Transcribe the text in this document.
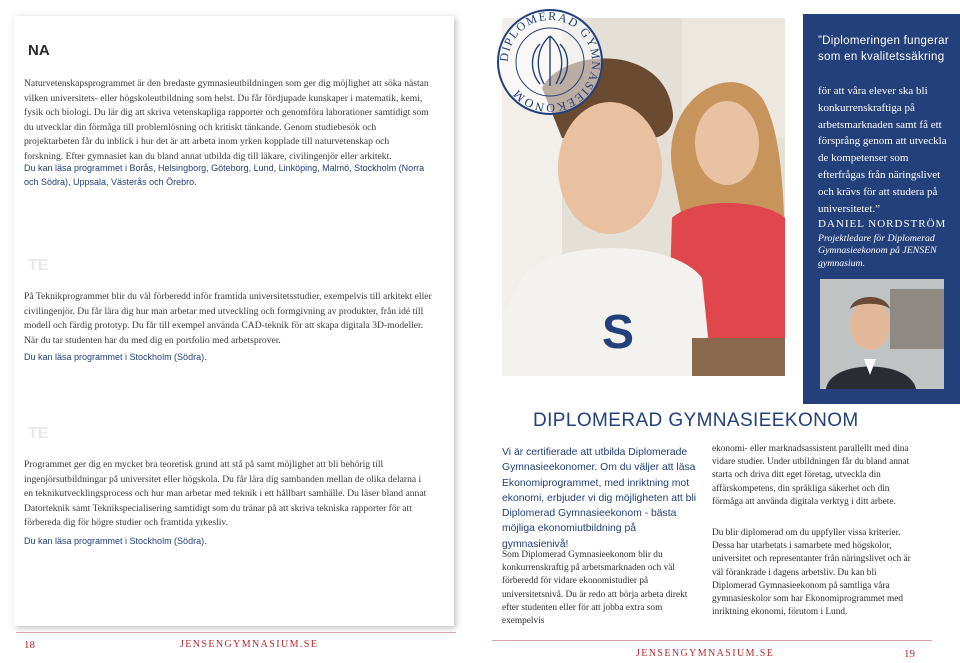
NA
Naturvetenskapsprogrammet är den bredaste gymnasieutbildningen som ger dig möjlighet att söka nästan vilken universitets- eller högskoleutbildning som helst. Du får fördjupade kunskaper i matematik, kemi, fysik och biologi. Du lär dig att skriva vetenskapliga rapporter och genomföra laborationer samtidigt som du utvecklar din förmåga till problemlösning och kritiskt tänkande. Genom studiebesök och projektarbeten får du inblick i hur det är att arbeta inom yrken kopplade till naturvetenskap och forskning. Efter gymnasiet kan du bland annat utbilda dig till läkare, civilingenjör eller arkitekt.
Du kan läsa programmet i Borås, Helsingborg, Göteborg, Lund, Linköping, Malmö, Stockholm (Norra och Södra), Uppsala, Västerås och Örebro.
TE
På Teknikprogrammet blir du väl förberedd inför framtida universitetsstudier, exempelvis till arkitekt eller civilingenjör. Du får lära dig hur man arbetar med utveckling och formgivning av produkter, från idé till modell och färdig prototyp. Du får till exempel använda CAD-teknik för att skapa digitala 3D-modeller. När du tar studenten har du med dig en portfolio med arbetsprover.
Du kan läsa programmet i Stockholm (Södra).
TE
Programmet ger dig en mycket bra teoretisk grund att stå på samt möjlighet att bli behörig till ingenjörsutbildningar på universitet eller högskola. Du får lära dig sambanden mellan de olika delarna i en teknikutvecklingsprocess och hur man arbetar med teknik i ett hållbart samhälle. Du läser bland annat Datorteknik samt Teknikspecialisering samtidigt som du tränar på att skriva tekniska rapporter för att förbereda dig för högre studier och framtida yrkesliv.
Du kan läsa programmet i Stockholm (Södra).
18	JENSENGYMNASIUM.SE
S
DIPLOMERAD GYMNASIEEKONOM
”Diplomeringen fungerar som en kvalitetssäkring
för att våra elever ska bli konkurrenskraftiga på arbetsmarknaden samt få ett försprång genom att utveckla de kompetenser som efterfrågas från näringslivet och krävs för att studera på universitetet.”
DANIEL NORDSTRÖM
Projektledare för Diplomerad Gymnasieekonom på JENSEN gymnasium.
DIPLOMERAD GYMNASIEEKONOM
Vi är certifierade att utbilda Diplomerade Gymnasieekonomer. Om du väljer att läsa Ekonomiprogrammet, med inriktning mot ekonomi, erbjuder vi dig möjligheten att bli Diplomerad Gymnasieekonom - bästa möjliga ekonomiutbildning på gymnasienivå!
Som Diplomerad Gymnasieekonom blir du konkurrenskraftig på arbetsmarknaden och väl förberedd för vidare ekonomistudier på universitetsnivå. Du är redo att börja arbeta direkt efter studenten eller för att jobba extra som exempelvis
ekonomi- eller marknadsassistent parallellt med dina vidare studier. Under utbildningen får du bland annat starta och driva ditt eget företag, utveckla din affärskompetens, din språkliga säkerhet och din förmåga att använda digitala verktyg i ditt arbete.
Du blir diplomerad om du uppfyller vissa kriterier. Dessa har utarbetats i samarbete med högskolor, universitet och representanter från näringslivet och är väl förankrade i dagens arbetsliv. Du kan bli Diplomerad Gymnasieekonom på samtliga våra gymnasieskolor som har Ekonomiprogrammet med inriktning ekonomi, förutom i Lund.
JENSENGYMNASIUM.SE	19
